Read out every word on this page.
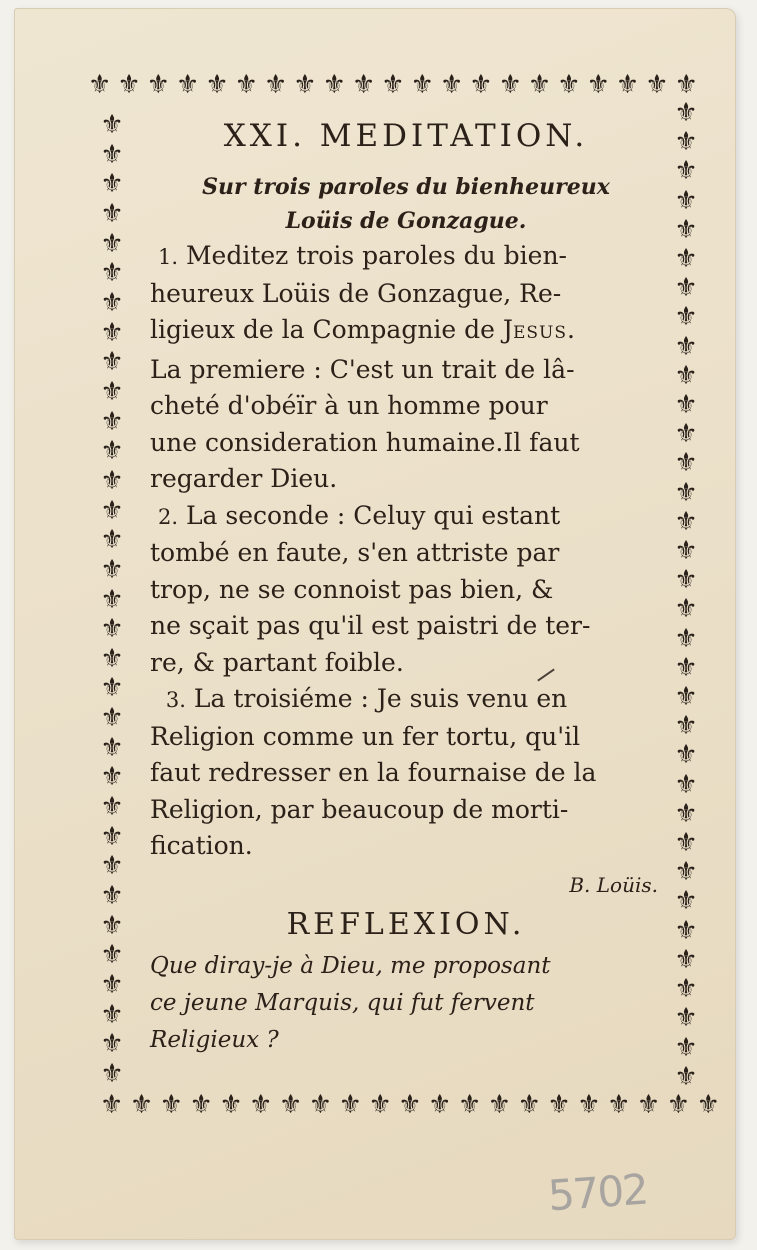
⚜ ⚜ ⚜ ⚜ ⚜ ⚜ ⚜ ⚜ ⚜ ⚜ ⚜ ⚜ ⚜ ⚜ ⚜ ⚜ ⚜ ⚜ ⚜ ⚜ ⚜
⚜ ⚜ ⚜ ⚜ ⚜ ⚜ ⚜ ⚜ ⚜ ⚜ ⚜ ⚜ ⚜ ⚜ ⚜ ⚜ ⚜ ⚜ ⚜ ⚜ ⚜
⚜
⚜
⚜
⚜
⚜
⚜
⚜
⚜
⚜
⚜
⚜
⚜
⚜
⚜
⚜
⚜
⚜
⚜
⚜
⚜
⚜
⚜
⚜
⚜
⚜
⚜
⚜
⚜
⚜
⚜
⚜
⚜
⚜
⚜
⚜
⚜
⚜
⚜
⚜
⚜
⚜
⚜
⚜
⚜
⚜
⚜
⚜
⚜
⚜
⚜
⚜
⚜
⚜
⚜
⚜
⚜
⚜
⚜
⚜
⚜
⚜
⚜
⚜
⚜
⚜
⚜
⚜
XXI. MEDITATION.
Sur trois paroles du bienheureux
Loüis de Gonzague.
1. Meditez trois paroles du bien-
heureux Loüis de Gonzague, Re-
ligieux de la Compagnie de JESUS.
La premiere : C'est un trait de lâ-
cheté d'obéïr à un homme pour
une consideration humaine.Il faut
regarder Dieu.
2. La seconde : Celuy qui estant
tombé en faute, s'en attriste par
trop, ne se connoist pas bien, &
ne sçait pas qu'il est paistri de ter-
re, & partant foible.
3. La troisiéme : Je suis venu en
Religion comme un fer tortu, qu'il
faut redresser en la fournaise de la
Religion, par beaucoup de morti-
fication.
B. Loüis.
REFLEXION.
Que diray-je à Dieu, me proposant
ce jeune Marquis, qui fut fervent
Religieux ?
5702
